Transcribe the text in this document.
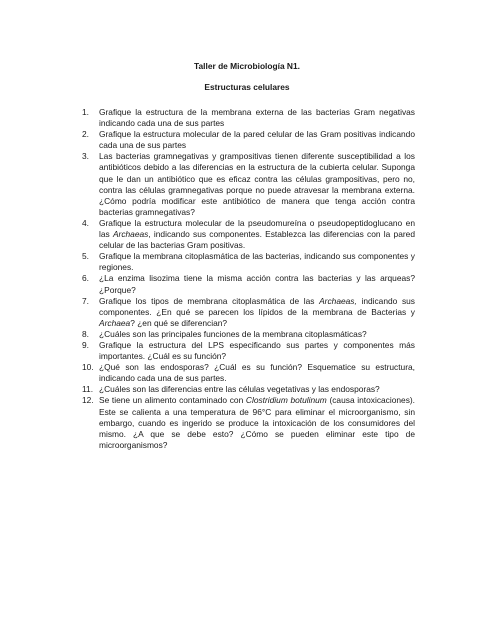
Taller de Microbiología N1.
Estructuras celulares
1. Grafique la estructura de la membrana externa de las bacterias Gram negativas indicando cada una de sus partes
2. Grafique la estructura molecular de la pared celular de las Gram positivas indicando cada una de sus partes
3. Las bacterias gramnegativas y grampositivas tienen diferente susceptibilidad a los antibióticos debido a las diferencias en la estructura de la cubierta celular. Suponga que le dan un antibiótico que es eficaz contra las células grampositivas, pero no, contra las células gramnegativas porque no puede atravesar la membrana externa. ¿Cómo podría modificar este antibiótico de manera que tenga acción contra bacterias gramnegativas?
4. Grafique la estructura molecular de la pseudomureína o pseudopeptidoglucano en las Archaeas, indicando sus componentes. Establezca las diferencias con la pared celular de las bacterias Gram positivas.
5. Grafique la membrana citoplasmática de las bacterias, indicando sus componentes y regiones.
6. ¿La enzima lisozima tiene la misma acción contra las bacterias y las arqueas? ¿Porque?
7. Grafique los tipos de membrana citoplasmática de las Archaeas, indicando sus componentes. ¿En qué se parecen los lípidos de la membrana de Bacterias y Archaea? ¿en qué se diferencian?
8. ¿Cuáles son las principales funciones de la membrana citoplasmáticas?
9. Grafique la estructura del LPS especificando sus partes y componentes más importantes. ¿Cuál es su función?
10. ¿Qué son las endosporas? ¿Cuál es su función? Esquematice su estructura, indicando cada una de sus partes.
11. ¿Cuáles son las diferencias entre las células vegetativas y las endosporas?
12. Se tiene un alimento contaminado con Clostridium botulinum (causa intoxicaciones). Este se calienta a una temperatura de 96°C para eliminar el microorganismo, sin embargo, cuando es ingerido se produce la intoxicación de los consumidores del mismo. ¿A que se debe esto? ¿Cómo se pueden eliminar este tipo de microorganismos?
